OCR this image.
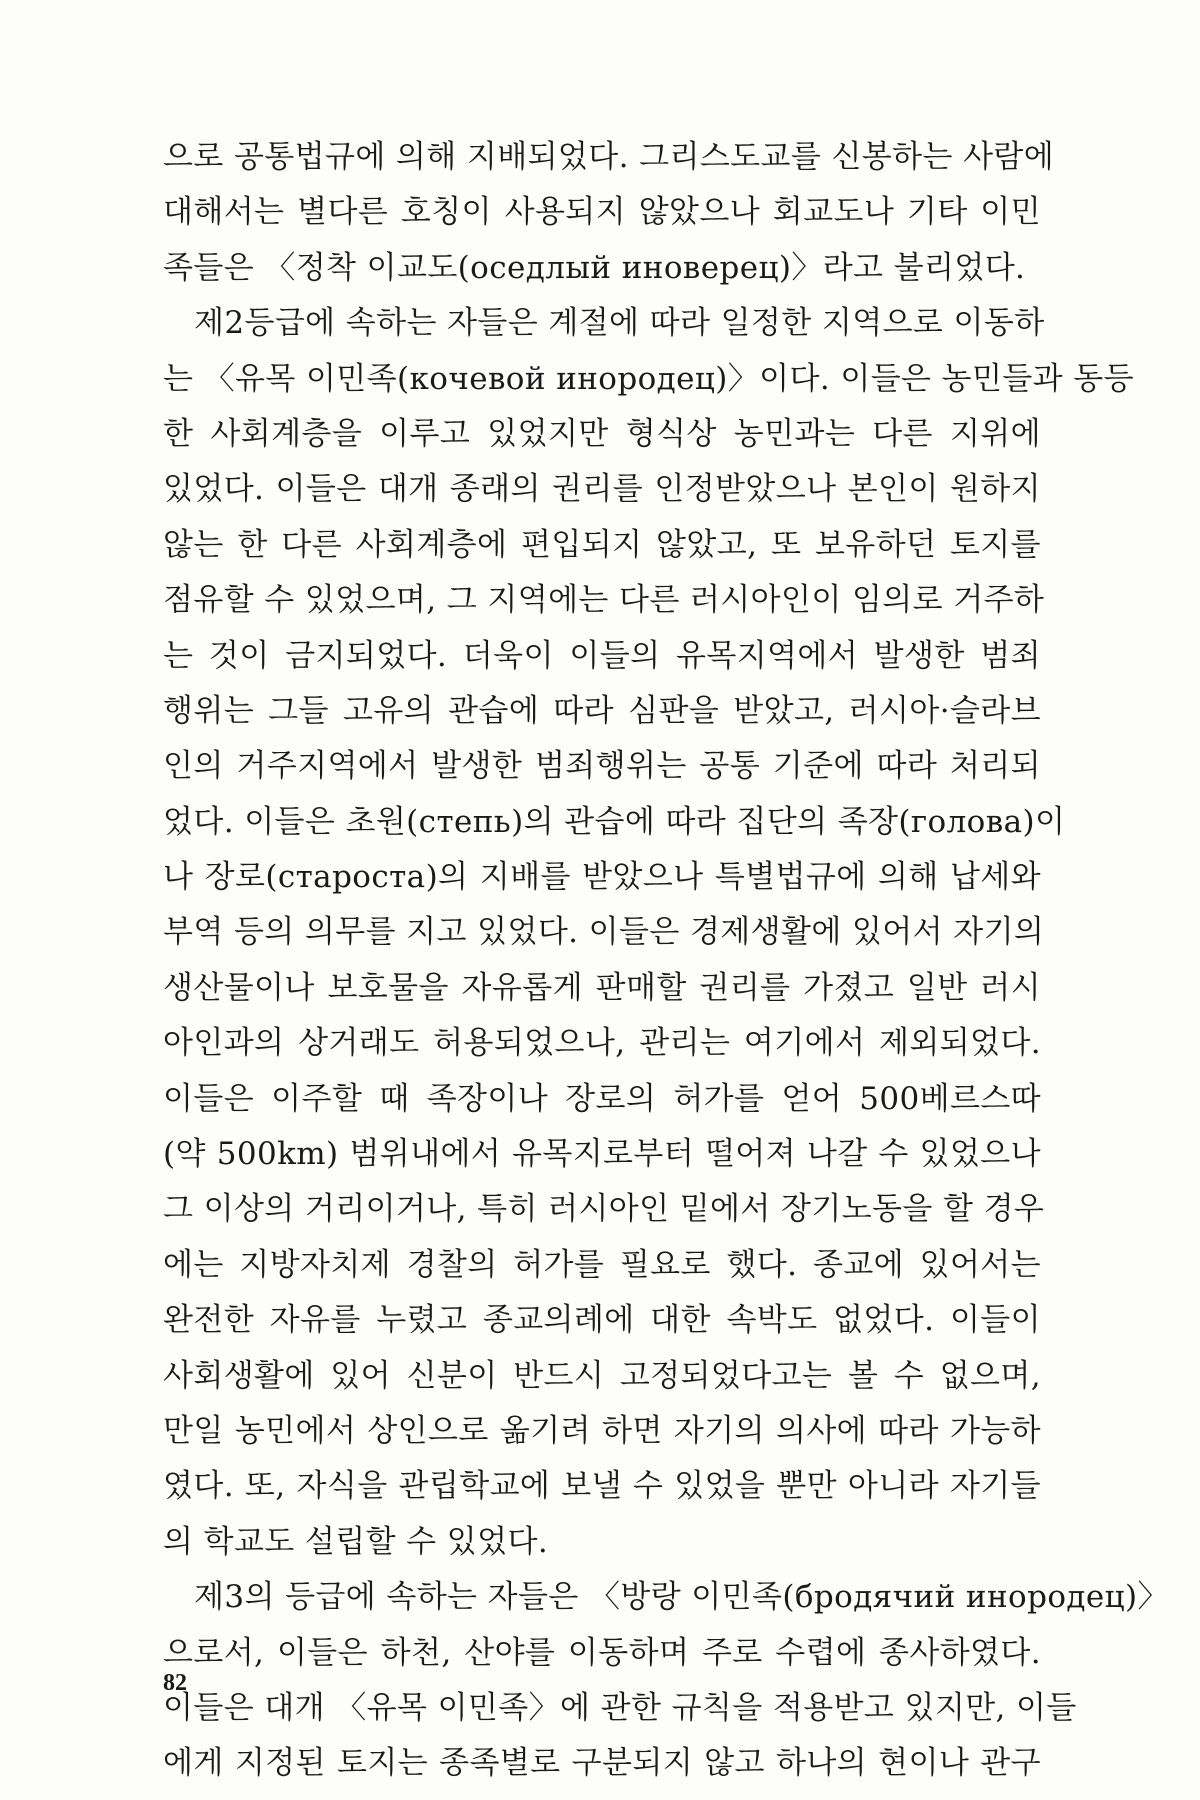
으로 공통법규에 의해 지배되었다. 그리스도교를 신봉하는 사람에
대해서는 별다른 호칭이 사용되지 않았으나 회교도나 기타 이민
족들은 〈정착 이교도(оседлый иноверец)〉라고 불리었다.
제2등급에 속하는 자들은 계절에 따라 일정한 지역으로 이동하
는 〈유목 이민족(кочевой инородец)〉이다. 이들은 농민들과 동등
한 사회계층을 이루고 있었지만 형식상 농민과는 다른 지위에
있었다. 이들은 대개 종래의 권리를 인정받았으나 본인이 원하지
않는 한 다른 사회계층에 편입되지 않았고, 또 보유하던 토지를
점유할 수 있었으며, 그 지역에는 다른 러시아인이 임의로 거주하
는 것이 금지되었다. 더욱이 이들의 유목지역에서 발생한 범죄
행위는 그들 고유의 관습에 따라 심판을 받았고, 러시아·슬라브
인의 거주지역에서 발생한 범죄행위는 공통 기준에 따라 처리되
었다. 이들은 초원(степь)의 관습에 따라 집단의 족장(голова)이
나 장로(староста)의 지배를 받았으나 특별법규에 의해 납세와
부역 등의 의무를 지고 있었다. 이들은 경제생활에 있어서 자기의
생산물이나 보호물을 자유롭게 판매할 권리를 가졌고 일반 러시
아인과의 상거래도 허용되었으나, 관리는 여기에서 제외되었다.
이들은 이주할 때 족장이나 장로의 허가를 얻어 500베르스따
(약 500km) 범위내에서 유목지로부터 떨어져 나갈 수 있었으나
그 이상의 거리이거나, 특히 러시아인 밑에서 장기노동을 할 경우
에는 지방자치제 경찰의 허가를 필요로 했다. 종교에 있어서는
완전한 자유를 누렸고 종교의례에 대한 속박도 없었다. 이들이
사회생활에 있어 신분이 반드시 고정되었다고는 볼 수 없으며,
만일 농민에서 상인으로 옮기려 하면 자기의 의사에 따라 가능하
였다. 또, 자식을 관립학교에 보낼 수 있었을 뿐만 아니라 자기들
의 학교도 설립할 수 있었다.
제3의 등급에 속하는 자들은 〈방랑 이민족(бродячий инородец)〉
으로서, 이들은 하천, 산야를 이동하며 주로 수렵에 종사하였다.
이들은 대개 〈유목 이민족〉에 관한 규칙을 적용받고 있지만, 이들
에게 지정된 토지는 종족별로 구분되지 않고 하나의 현이나 관구
82
